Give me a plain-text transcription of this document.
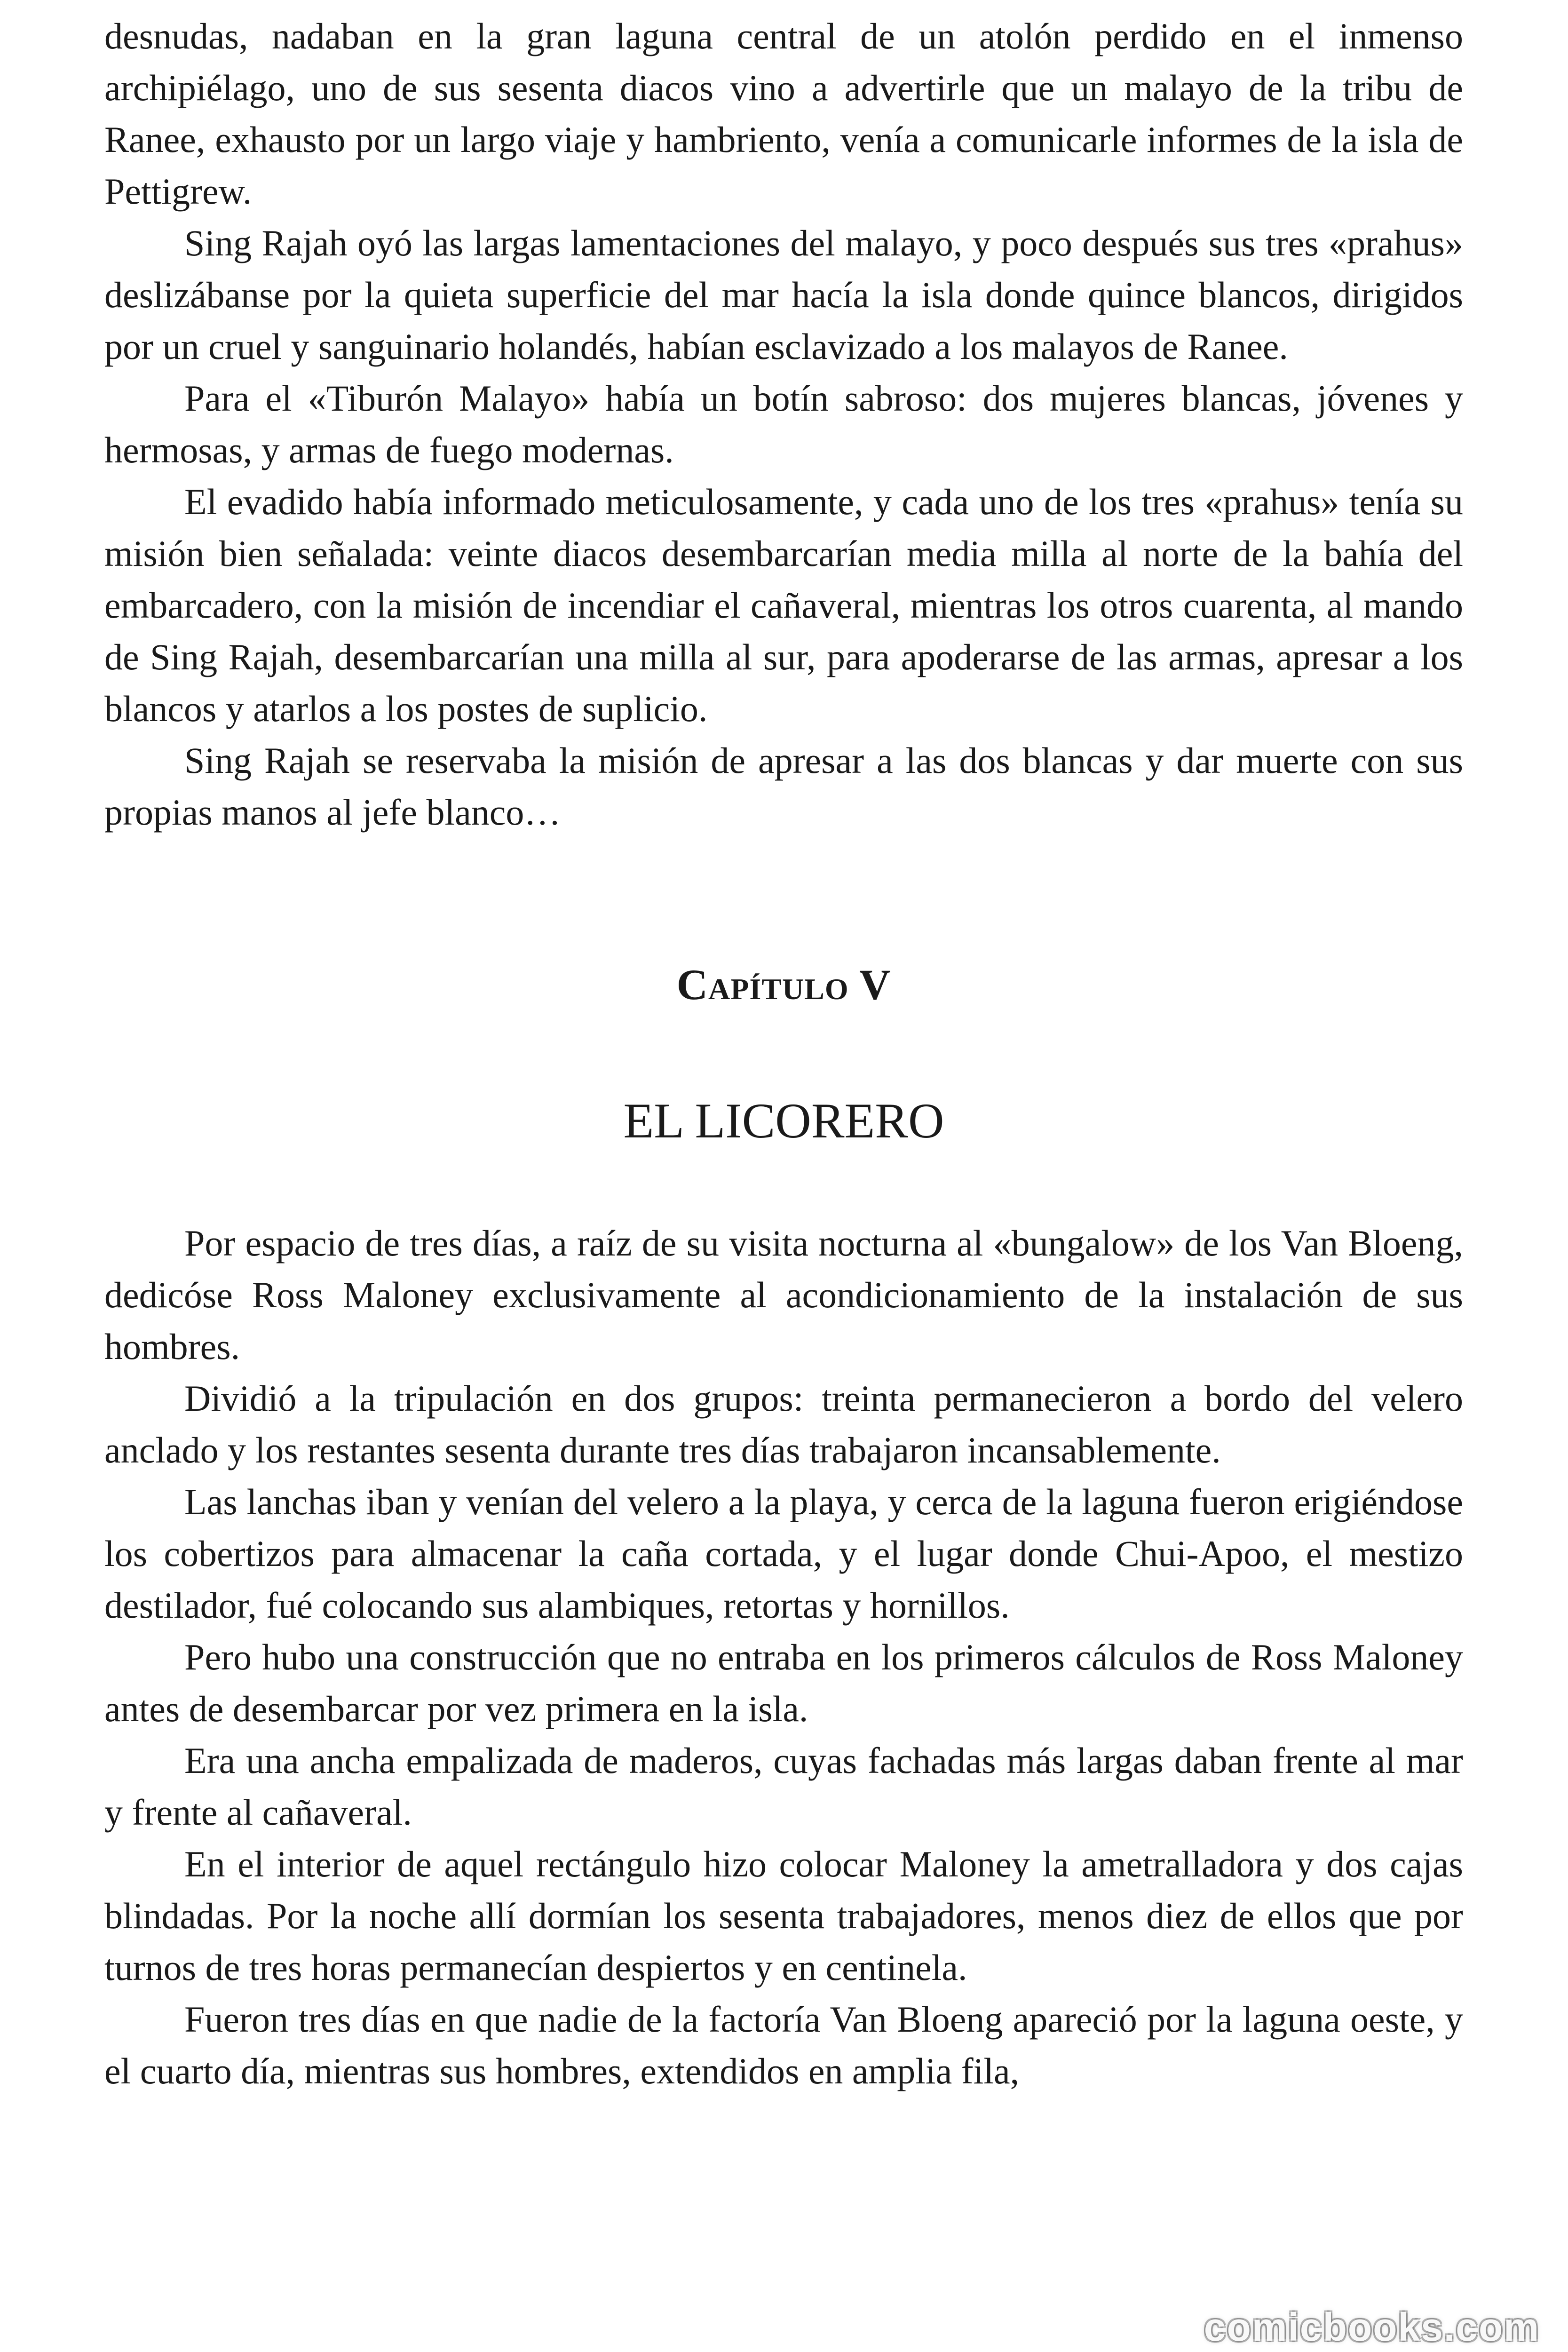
desnudas, nadaban en la gran laguna central de un atolón perdido en el inmenso archipiélago, uno de sus sesenta diacos vino a advertirle que un malayo de la tribu de Ranee, exhausto por un largo viaje y hambriento, venía a comunicarle informes de la isla de Pettigrew.

Sing Rajah oyó las largas lamentaciones del malayo, y poco después sus tres «prahus» deslizábanse por la quieta superficie del mar hacía la isla donde quince blancos, dirigidos por un cruel y sanguinario holandés, habían esclavizado a los malayos de Ranee.

Para el «Tiburón Malayo» había un botín sabroso: dos mujeres blancas, jóvenes y hermosas, y armas de fuego modernas.

El evadido había informado meticulosamente, y cada uno de los tres «prahus» tenía su misión bien señalada: veinte diacos desembarcarían media milla al norte de la bahía del embarcadero, con la misión de incendiar el cañaveral, mientras los otros cuarenta, al mando de Sing Rajah, desembarcarían una milla al sur, para apoderarse de las armas, apresar a los blancos y atarlos a los postes de suplicio.

Sing Rajah se reservaba la misión de apresar a las dos blancas y dar muerte con sus propias manos al jefe blanco…

Capítulo V
EL LICORERO

Por espacio de tres días, a raíz de su visita nocturna al «bungalow» de los Van Bloeng, dedicóse Ross Maloney exclusivamente al acondicionamiento de la instalación de sus hombres.

Dividió a la tripulación en dos grupos: treinta permanecieron a bordo del velero anclado y los restantes sesenta durante tres días trabajaron incansablemente.

Las lanchas iban y venían del velero a la playa, y cerca de la laguna fueron erigiéndose los cobertizos para almacenar la caña cortada, y el lugar donde Chui-Apoo, el mestizo destilador, fué colocando sus alambiques, retortas y hornillos.

Pero hubo una construcción que no entraba en los primeros cálculos de Ross Maloney antes de desembarcar por vez primera en la isla.

Era una ancha empalizada de maderos, cuyas fachadas más largas daban frente al mar y frente al cañaveral.

En el interior de aquel rectángulo hizo colocar Maloney la ametralladora y dos cajas blindadas. Por la noche allí dormían los sesenta trabajadores, menos diez de ellos que por turnos de tres horas permanecían despiertos y en centinela.

Fueron tres días en que nadie de la factoría Van Bloeng apareció por la laguna oeste, y el cuarto día, mientras sus hombres, extendidos en amplia fila,

comicbooks.com
